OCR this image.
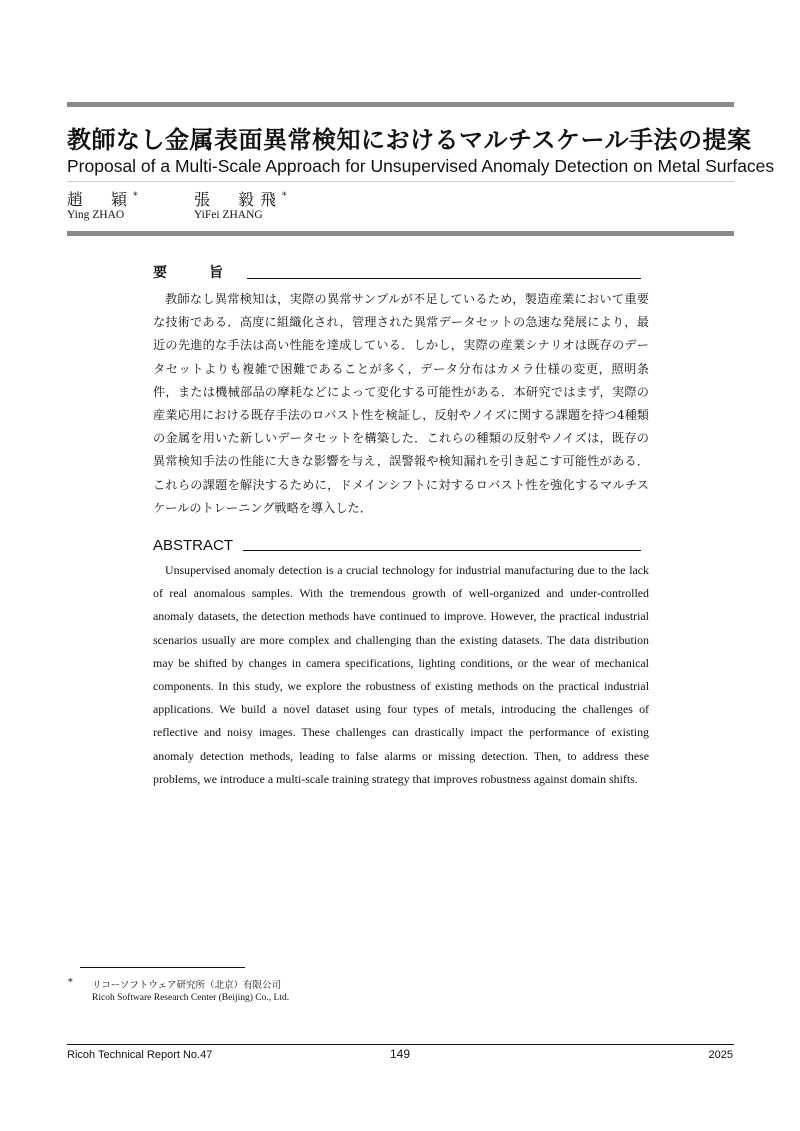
教師なし金属表面異常検知におけるマルチスケール手法の提案
Proposal of a Multi-Scale Approach for Unsupervised Anomaly Detection on Metal Surfaces
趙　穎*
Ying ZHAO
張　毅飛*
YiFei ZHANG
要　旨

教師なし異常検知は，実際の異常サンプルが不足しているため，製造産業において重要な技術である．高度に組織化され，管理された異常データセットの急速な発展により，最近の先進的な手法は高い性能を達成している．しかし，実際の産業シナリオは既存のデータセットよりも複雑で困難であることが多く，データ分布はカメラ仕様の変更，照明条件，または機械部品の摩耗などによって変化する可能性がある．本研究ではまず，実際の産業応用における既存手法のロバスト性を検証し，反射やノイズに関する課題を持つ4種類の金属を用いた新しいデータセットを構築した．これらの種類の反射やノイズは，既存の異常検知手法の性能に大きな影響を与え，誤警報や検知漏れを引き起こす可能性がある．これらの課題を解決するために，ドメインシフトに対するロバスト性を強化するマルチスケールのトレーニング戦略を導入した．

ABSTRACT

Unsupervised anomaly detection is a crucial technology for industrial manufacturing due to the lack of real anomalous samples. With the tremendous growth of well-organized and under-controlled anomaly datasets, the detection methods have continued to improve. However, the practical industrial scenarios usually are more complex and challenging than the existing datasets. The data distribution may be shifted by changes in camera specifications, lighting conditions, or the wear of mechanical components. In this study, we explore the robustness of existing methods on the practical industrial applications. We build a novel dataset using four types of metals, introducing the challenges of reflective and noisy images. These challenges can drastically impact the performance of existing anomaly detection methods, leading to false alarms or missing detection. Then, to address these problems, we introduce a multi-scale training strategy that improves robustness against domain shifts.

* リコーソフトウェア研究所（北京）有限公司
Ricoh Software Research Center (Beijing) Co., Ltd.
Ricoh Technical Report No.47	149	2025
